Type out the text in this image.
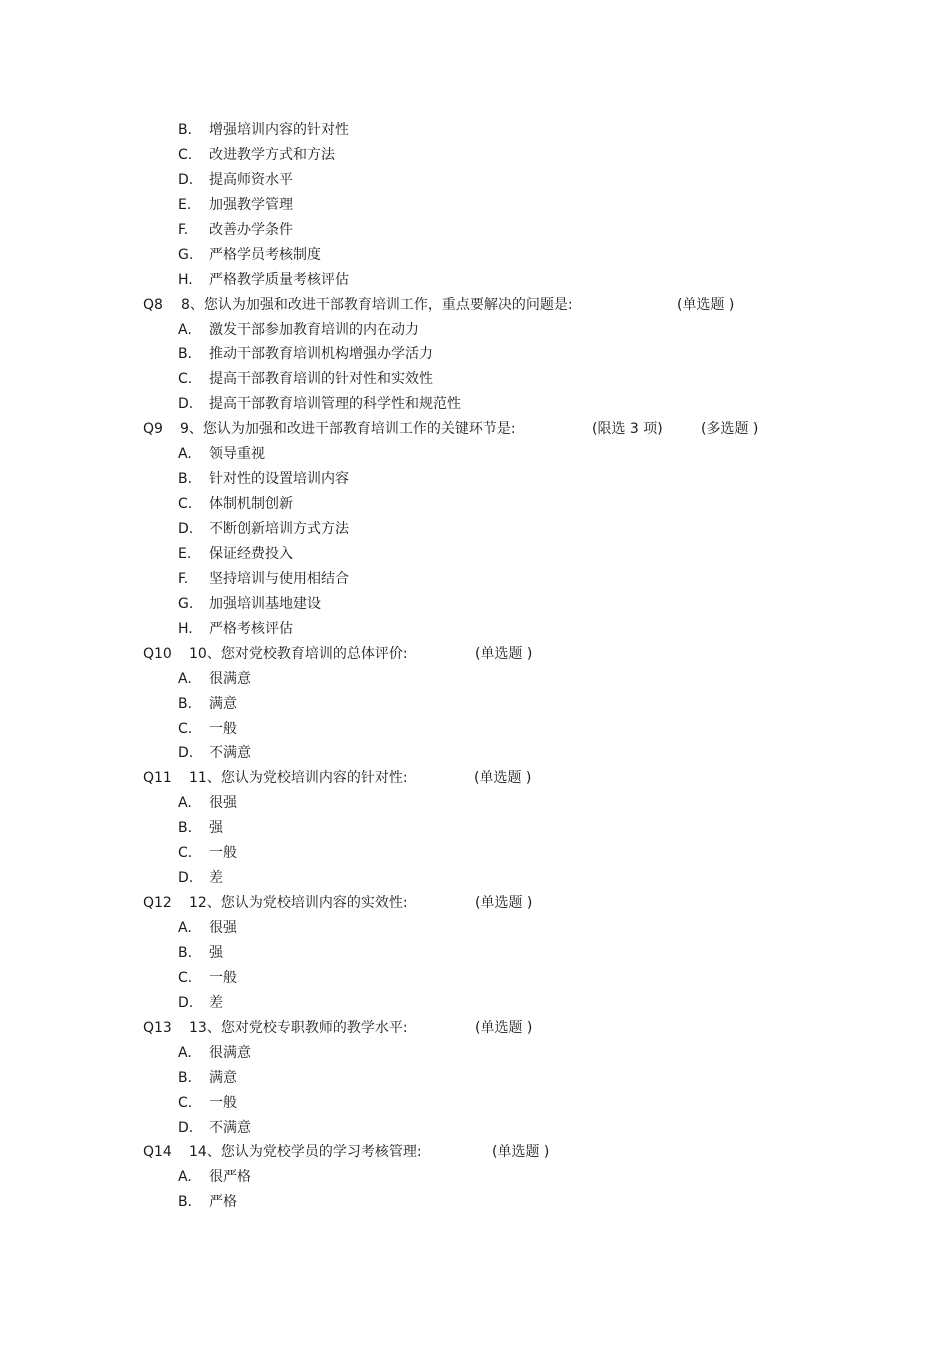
B. 增强培训内容的针对性
C. 改进教学方式和方法
D. 提高师资水平
E. 加强教学管理
F. 改善办学条件
G. 严格学员考核制度
H. 严格教学质量考核评估
Q8 8、您认为加强和改进干部教育培训工作，重点要解决的问题是:	(单选题 )
A. 激发干部参加教育培训的内在动力
B. 推动干部教育培训机构增强办学活力
C. 提高干部教育培训的针对性和实效性
D. 提高干部教育培训管理的科学性和规范性
Q9 9、您认为加强和改进干部教育培训工作的关键环节是:	(限选 3 项)	(多选题 )
A. 领导重视
B. 针对性的设置培训内容
C. 体制机制创新
D. 不断创新培训方式方法
E. 保证经费投入
F. 坚持培训与使用相结合
G. 加强培训基地建设
H. 严格考核评估
Q10 10、您对党校教育培训的总体评价:	(单选题 )
A. 很满意
B. 满意
C. 一般
D. 不满意
Q11 11、您认为党校培训内容的针对性:	(单选题 )
A. 很强
B. 强
C. 一般
D. 差
Q12 12、您认为党校培训内容的实效性:	(单选题 )
A. 很强
B. 强
C. 一般
D. 差
Q13 13、您对党校专职教师的教学水平:	(单选题 )
A. 很满意
B. 满意
C. 一般
D. 不满意
Q14 14、您认为党校学员的学习考核管理:	(单选题 )
A. 很严格
B. 严格
